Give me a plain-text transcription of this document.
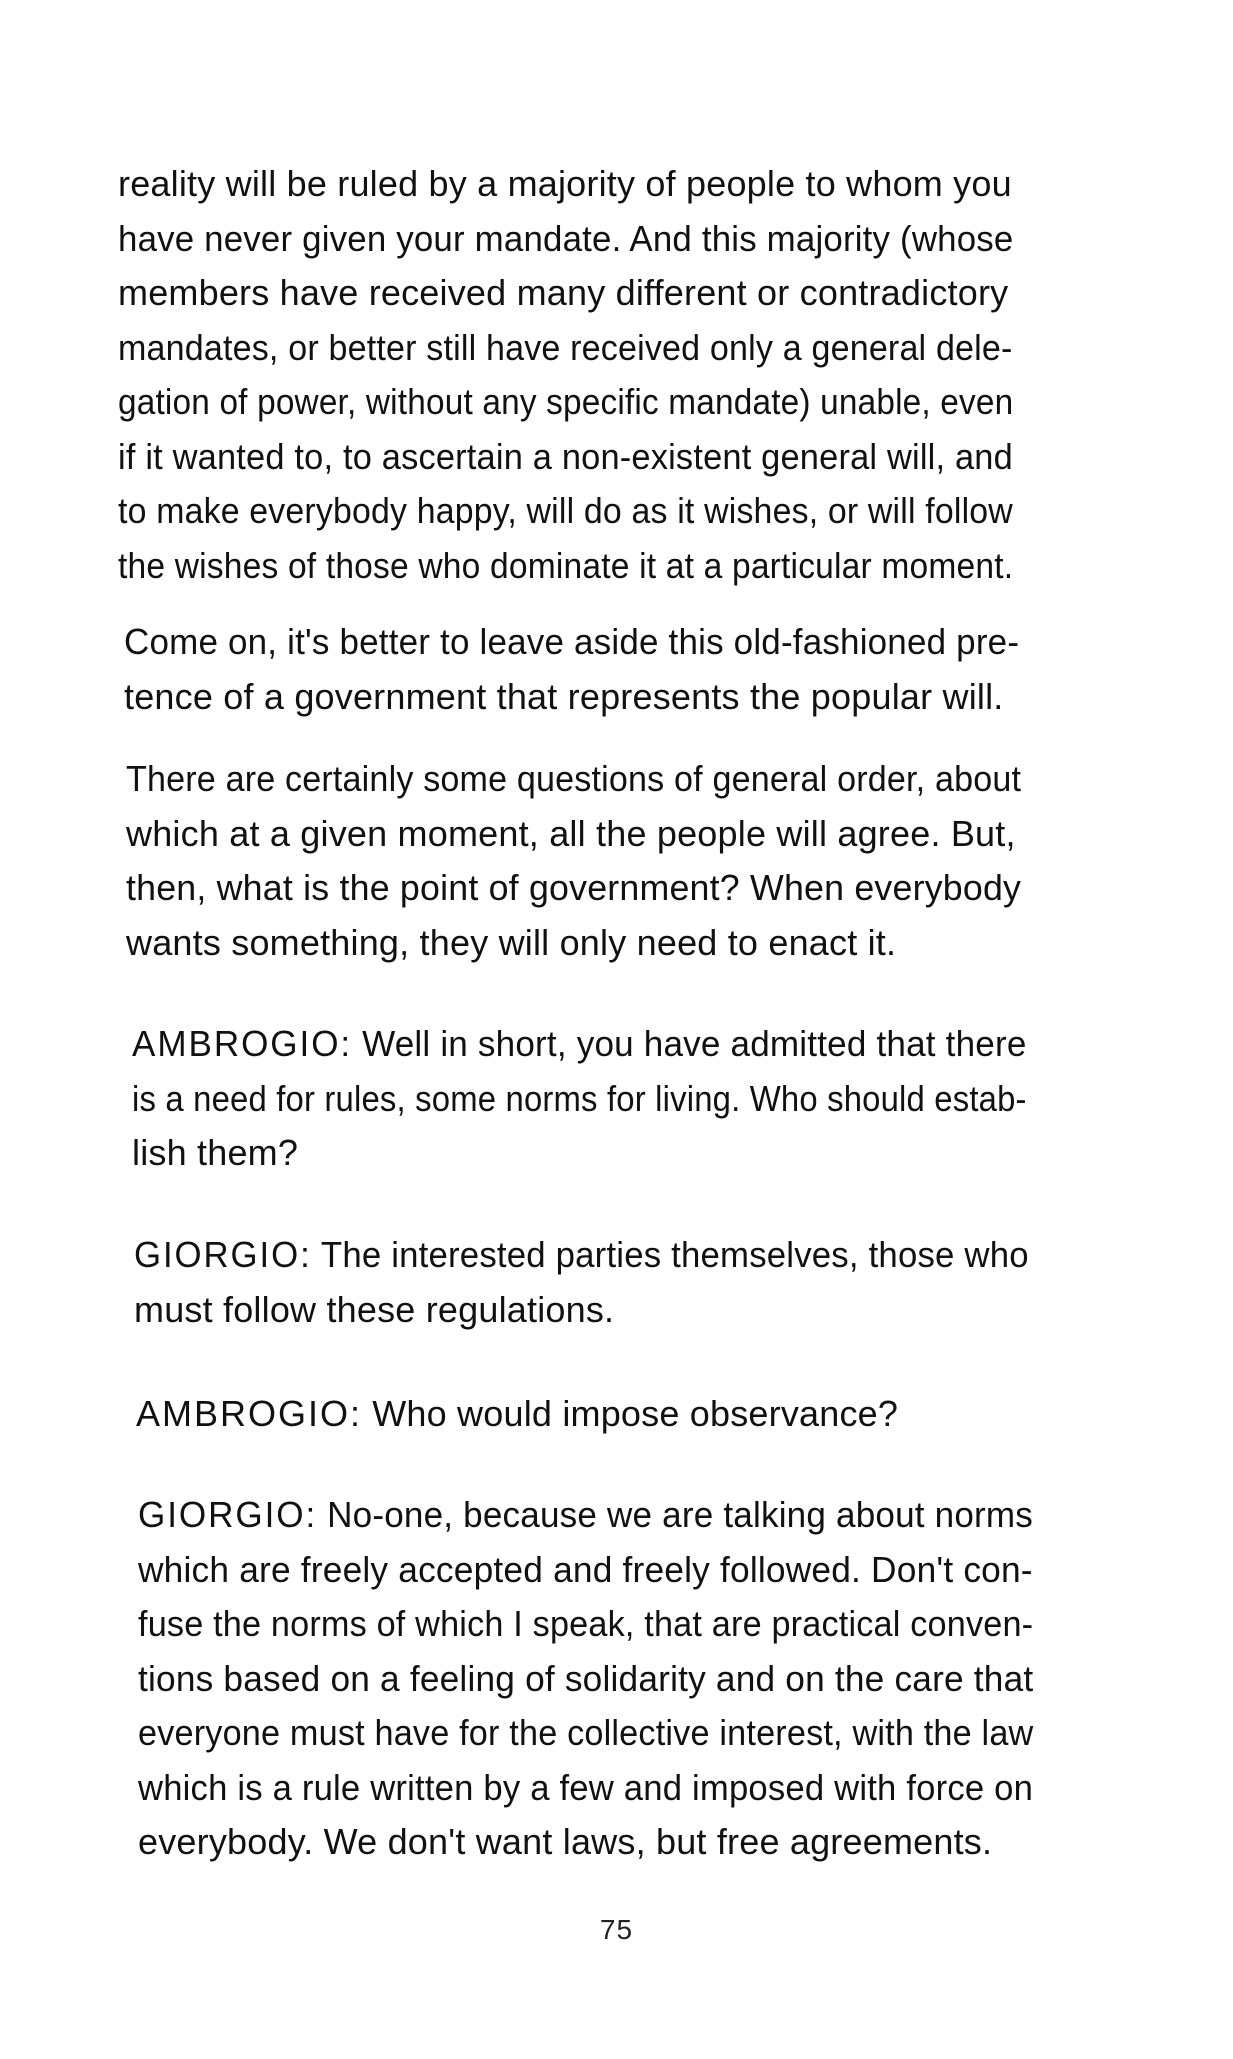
reality will be ruled by a majority of people to whom you
have never given your mandate. And this majority (whose
members have received many different or contradictory
mandates, or better still have received only a general dele-
gation of power, without any specific mandate) unable, even
if it wanted to, to ascertain a non-existent general will, and
to make everybody happy, will do as it wishes, or will follow
the wishes of those who dominate it at a particular moment.
Come on, it's better to leave aside this old-fashioned pre-
tence of a government that represents the popular will.
There are certainly some questions of general order, about
which at a given moment, all the people will agree. But,
then, what is the point of government? When everybody
wants something, they will only need to enact it.
AMBROGIO: Well in short, you have admitted that there
is a need for rules, some norms for living. Who should estab-
lish them?
GIORGIO: The interested parties themselves, those who
must follow these regulations.
AMBROGIO: Who would impose observance?
GIORGIO: No-one, because we are talking about norms
which are freely accepted and freely followed. Don't con-
fuse the norms of which I speak, that are practical conven-
tions based on a feeling of solidarity and on the care that
everyone must have for the collective interest, with the law
which is a rule written by a few and imposed with force on
everybody. We don't want laws, but free agreements.
75
